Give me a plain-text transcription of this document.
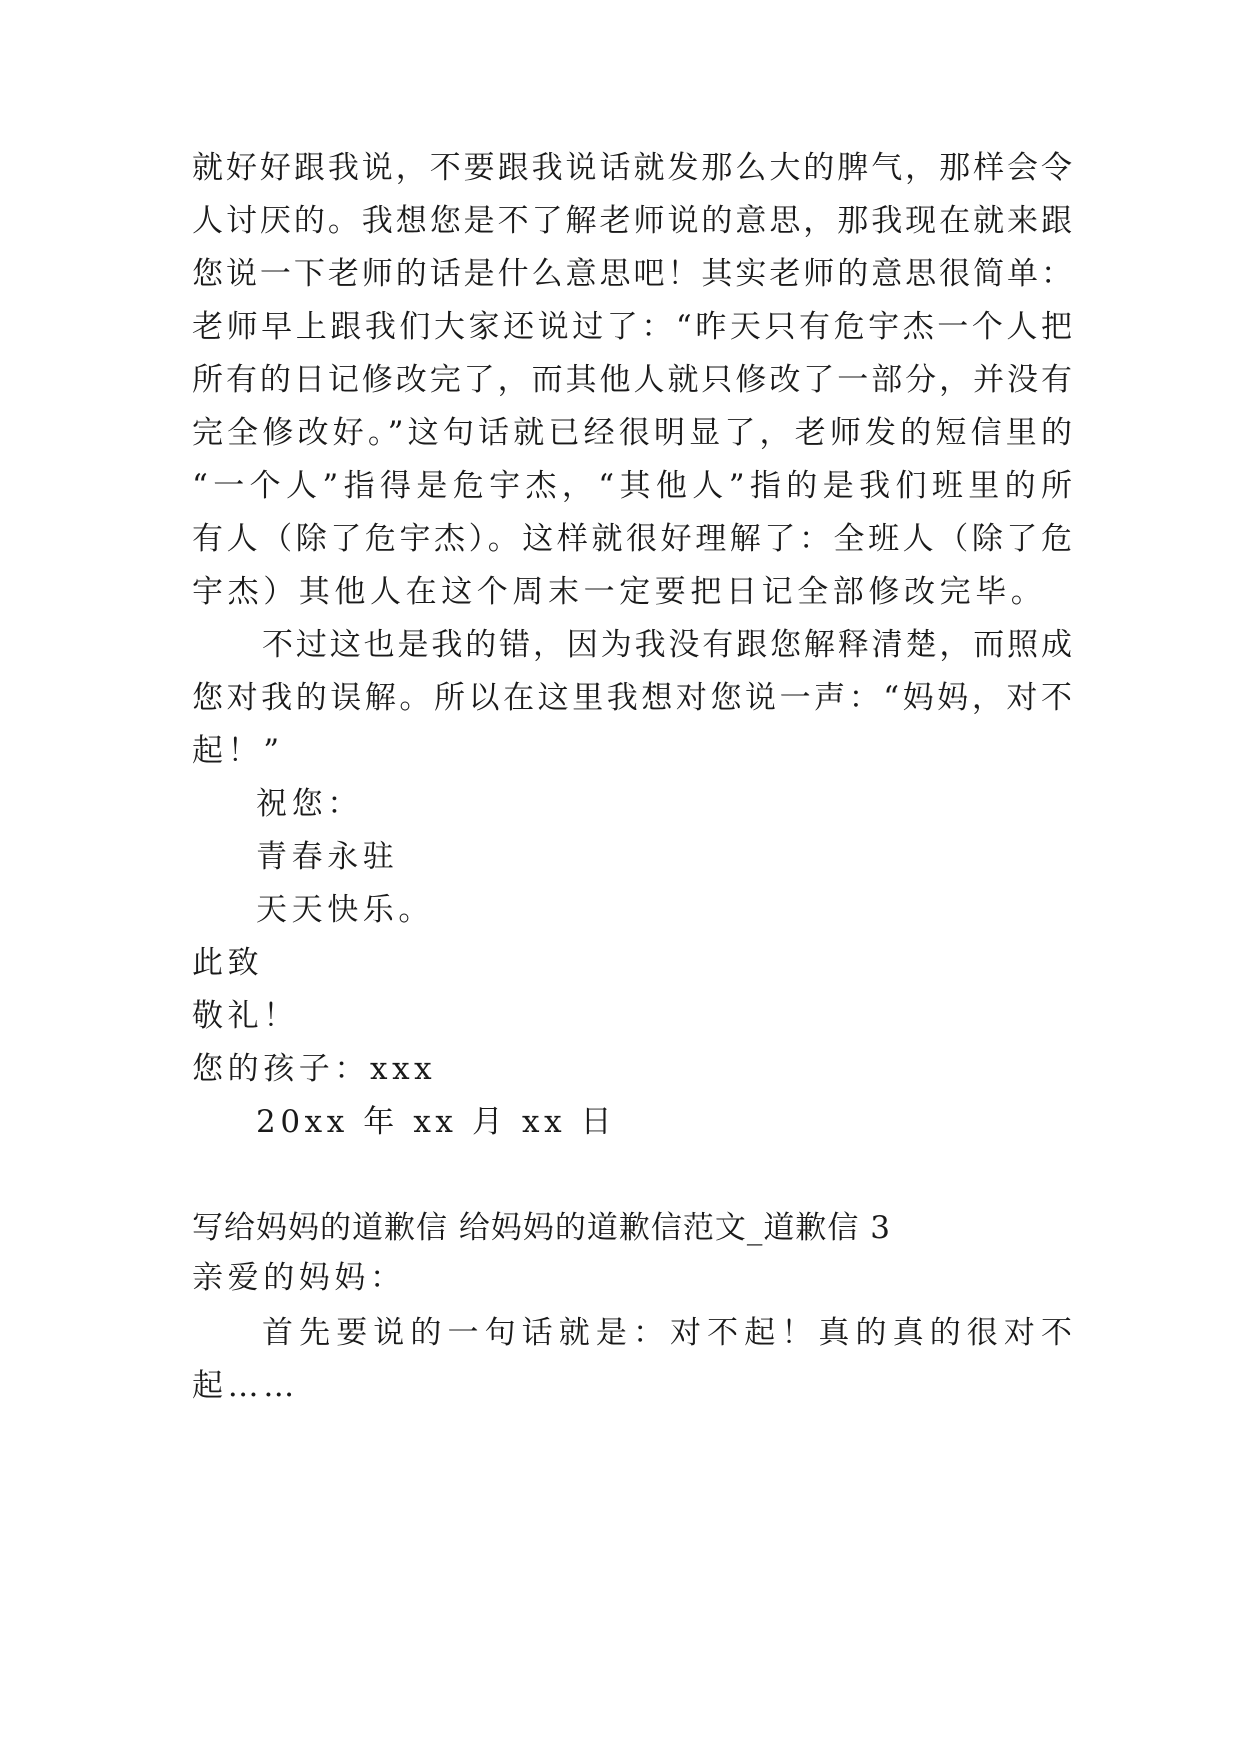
就好好跟我说，不要跟我说话就发那么大的脾气，那样会令
人讨厌的。我想您是不了解老师说的意思，那我现在就来跟
您说一下老师的话是什么意思吧！其实老师的意思很简单：
老师早上跟我们大家还说过了：“昨天只有危宇杰一个人把
所有的日记修改完了，而其他人就只修改了一部分，并没有
完全修改好。”这句话就已经很明显了，老师发的短信里的
“一个人”指得是危宇杰，“其他人”指的是我们班里的所
有人（除了危宇杰）。这样就很好理解了：全班人（除了危
宇杰）其他人在这个周末一定要把日记全部修改完毕。
不过这也是我的错，因为我没有跟您解释清楚，而照成
您对我的误解。所以在这里我想对您说一声：“妈妈，对不
起！”
祝您：
青春永驻
天天快乐。
此致
敬礼！
您的孩子：xxx
20xx 年 xx 月 xx 日
写给妈妈的道歉信 给妈妈的道歉信范文_道歉信 3
亲爱的妈妈：
首先要说的一句话就是：对不起！真的真的很对不
起……
